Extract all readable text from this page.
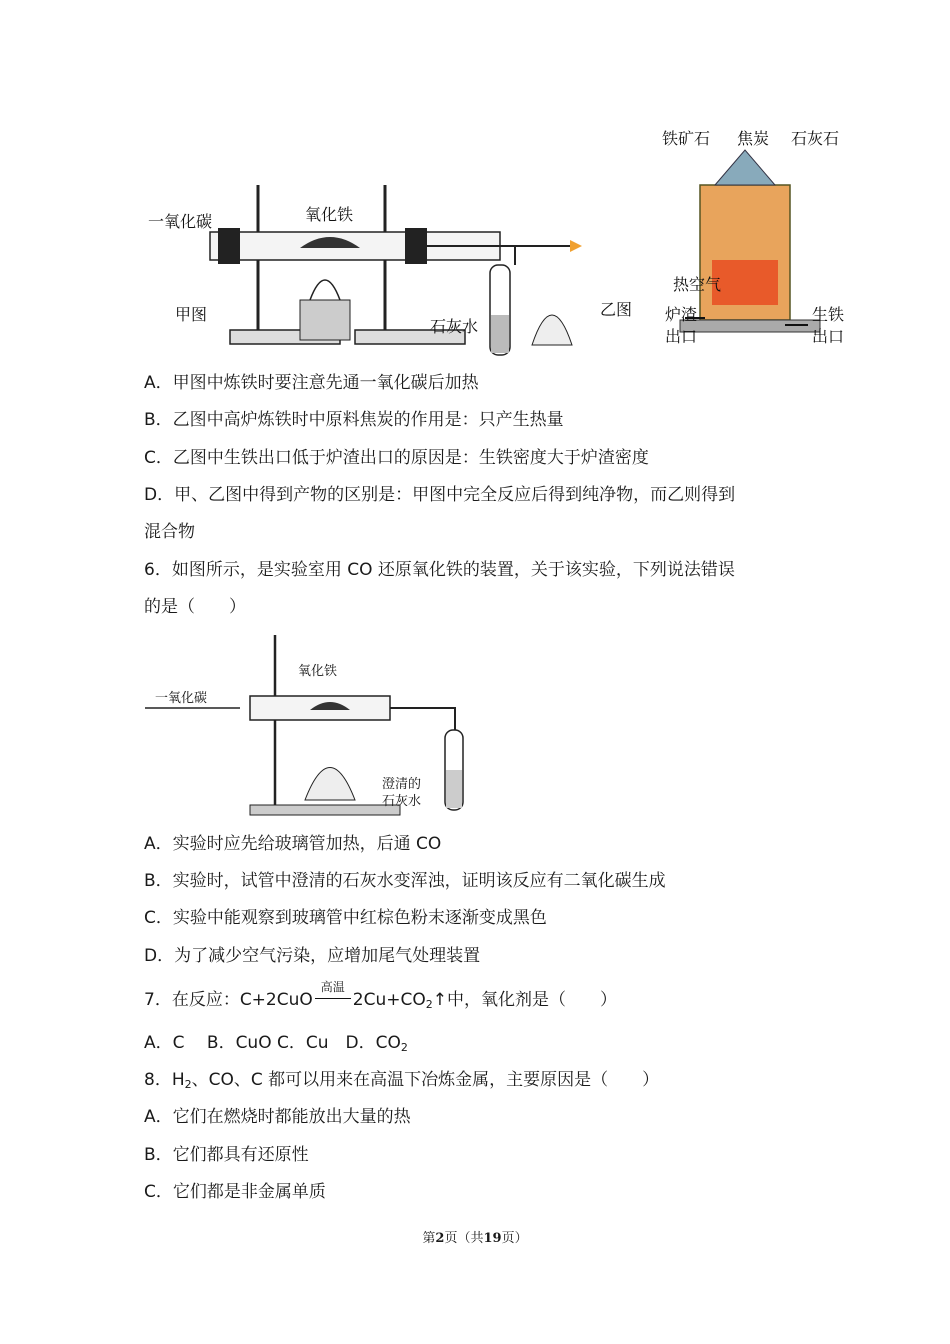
一氧化碳	氧化铁
甲图
石灰水
乙图
铁矿石 焦炭 石灰石
热空气
炉渣
出口
生铁
出口
A．甲图中炼铁时要注意先通一氧化碳后加热
B．乙图中高炉炼铁时中原料焦炭的作用是：只产生热量
C．乙图中生铁出口低于炉渣出口的原因是：生铁密度大于炉渣密度
D．甲、乙图中得到产物的区别是：甲图中完全反应后得到纯净物，而乙则得到
混合物
6．如图所示，是实验室用 CO 还原氧化铁的装置，关于该实验，下列说法错误
的是（　　）
一氧化碳
氧化铁
澄清的
石灰水
A．实验时应先给玻璃管加热，后通 CO
B．实验时，试管中澄清的石灰水变浑浊，证明该反应有二氧化碳生成
C．实验中能观察到玻璃管中红棕色粉末逐渐变成黑色
D．为了减少空气污染，应增加尾气处理装置
7．在反应：C+2CuO
高温
$2Cu+CO_2↑$中，氧化剂是（　　）
A．C　 B．CuO C．Cu　D．$CO_2$
8．$H_2$、CO、C 都可以用来在高温下冶炼金属，主要原因是（　　）
A．它们在燃烧时都能放出大量的热
B．它们都具有还原性
C．它们都是非金属单质
第2页（共19页）
